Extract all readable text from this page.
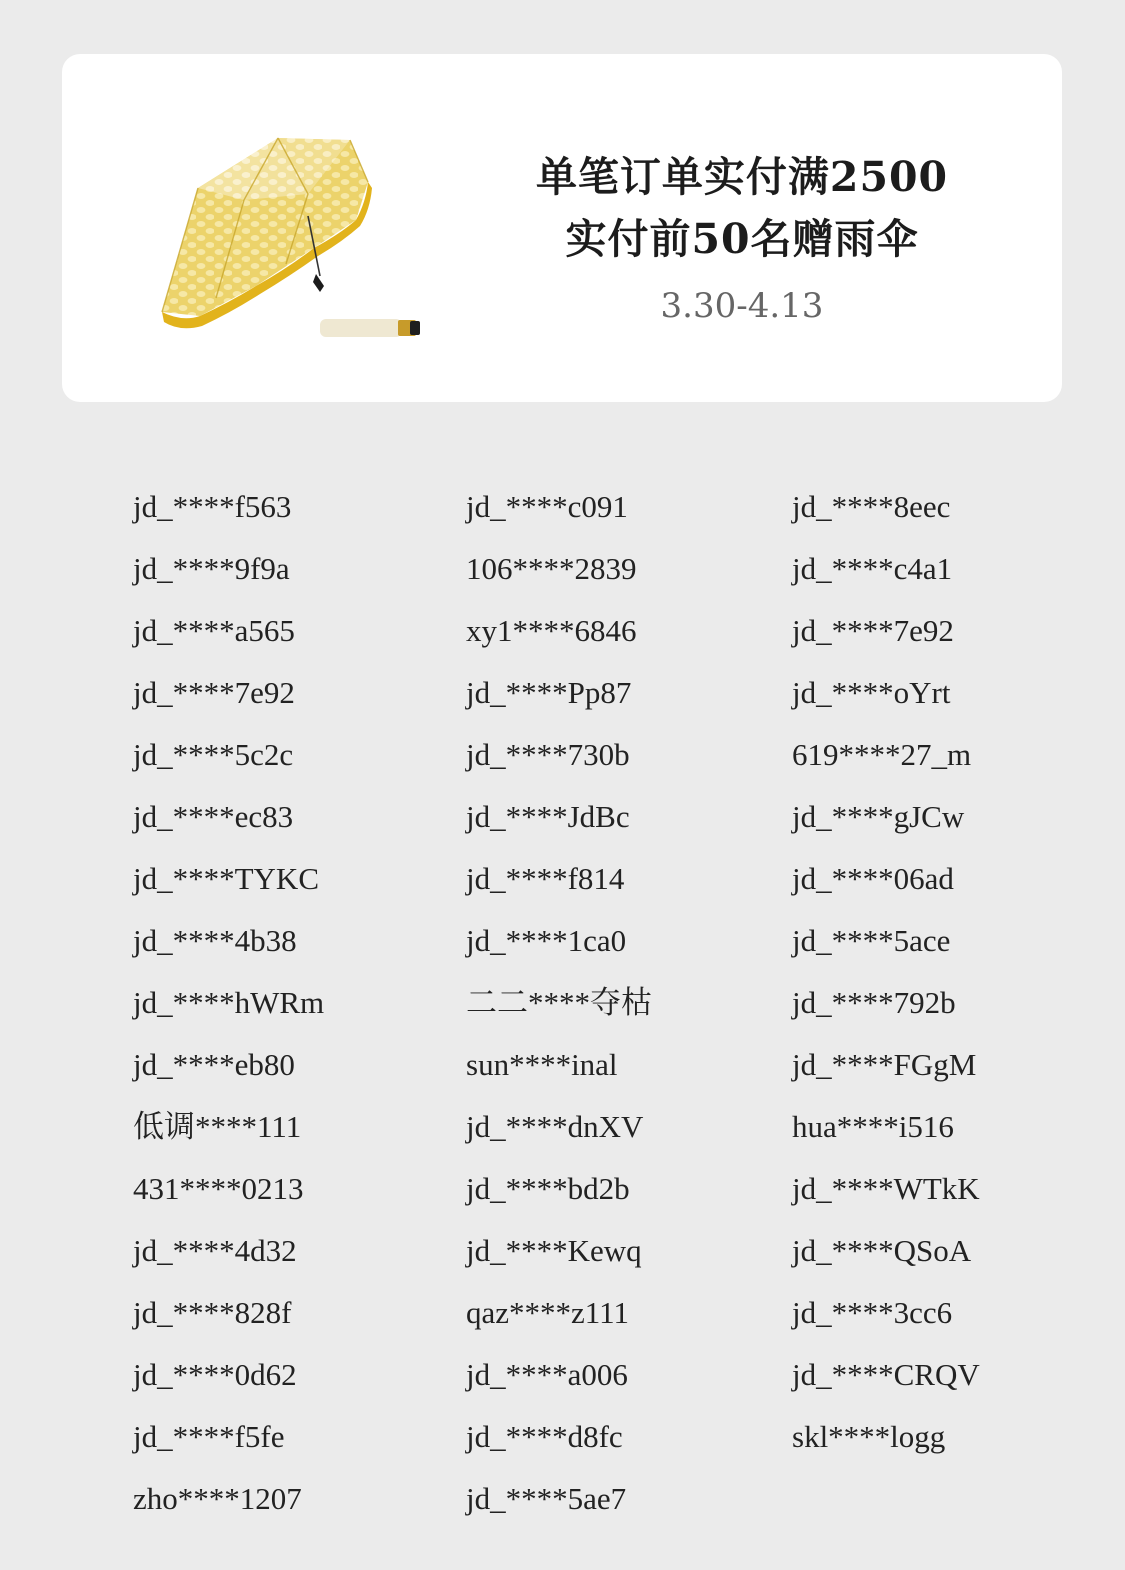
单笔订单实付满2500
实付前50名赠雨伞
3.30-4.13
jd_****f563
jd_****9f9a
jd_****a565
jd_****7e92
jd_****5c2c
jd_****ec83
jd_****TYKC
jd_****4b38
jd_****hWRm
jd_****eb80
低调****111
431****0213
jd_****4d32
jd_****828f
jd_****0d62
jd_****f5fe
zho****1207
jd_****c091
106****2839
xy1****6846
jd_****Pp87
jd_****730b
jd_****JdBc
jd_****f814
jd_****1ca0
二二****夺枯
sun****inal
jd_****dnXV
jd_****bd2b
jd_****Kewq
qaz****z111
jd_****a006
jd_****d8fc
jd_****5ae7
jd_****8eec
jd_****c4a1
jd_****7e92
jd_****oYrt
619****27_m
jd_****gJCw
jd_****06ad
jd_****5ace
jd_****792b
jd_****FGgM
hua****i516
jd_****WTkK
jd_****QSoA
jd_****3cc6
jd_****CRQV
skl****logg
